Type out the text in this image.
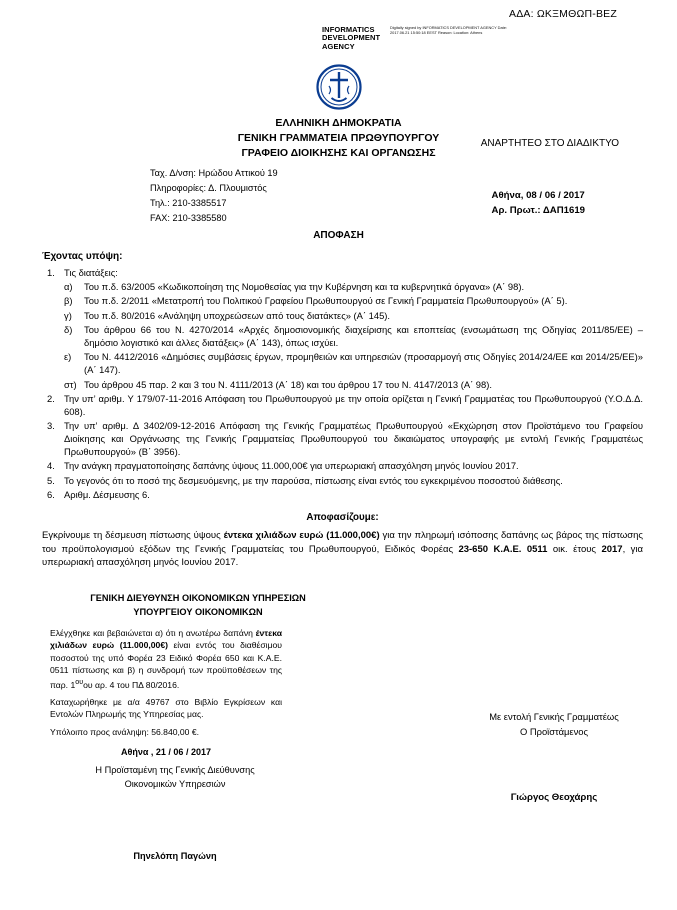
ΑΔΑ: ΩΚΞΜΘΩΠ-ΒΕΖ
INFORMATICS DEVELOPMENT AGENCY
Digitally signed by INFORMATICS DEVELOPMENT AGENCY Date: 2017.06.21 15:50:18 EEST Reason: Location: Athens
ΕΛΛΗΝΙΚΗ ΔΗΜΟΚΡΑΤΙΑ
ΓΕΝΙΚΗ ΓΡΑΜΜΑΤΕΙΑ ΠΡΩΘΥΠΟΥΡΓΟΥ
ΓΡΑΦΕΙΟ ΔΙΟΙΚΗΣΗΣ ΚΑΙ ΟΡΓΑΝΩΣΗΣ
ΑΝΑΡΤΗΤΕΟ ΣΤΟ ΔΙΑΔΙΚΤΥΟ
Ταχ. Δ/νση: Ηρώδου Αττικού 19
Πληροφορίες: Δ. Πλουμιστός
Τηλ.: 210-3385517
FAX: 210-3385580
Αθήνα, 08 / 06 / 2017
Αρ. Πρωτ.: ΔΑΠ1619
ΑΠΟΦΑΣΗ
Έχοντας υπόψη:
Τις διατάξεις:
α)	Του π.δ. 63/2005 «Κωδικοποίηση της Νομοθεσίας για την Κυβέρνηση και τα κυβερνητικά όργανα» (Α΄ 98).
β)	Του π.δ. 2/2011 «Μετατροπή του Πολιτικού Γραφείου Πρωθυπουργού σε Γενική Γραμματεία Πρωθυπουργού» (Α΄ 5).
γ)	Του π.δ. 80/2016 «Ανάληψη υποχρεώσεων από τους διατάκτες» (Α΄ 145).
δ)	Του άρθρου 66 του Ν. 4270/2014 «Αρχές δημοσιονομικής διαχείρισης και εποπτείας (ενσωμάτωση της Οδηγίας 2011/85/ΕΕ) – δημόσιο λογιστικό και άλλες διατάξεις» (Α΄ 143), όπως ισχύει.
ε)	Του Ν. 4412/2016 «Δημόσιες συμβάσεις έργων, προμηθειών και υπηρεσιών (προσαρμογή στις Οδηγίες 2014/24/ΕΕ και 2014/25/ΕΕ)» (Α΄ 147).
στ) Του άρθρου 45 παρ. 2 και 3 του Ν. 4111/2013 (Α΄ 18) και του άρθρου 17 του Ν. 4147/2013 (Α΄ 98).
Την υπ’ αριθμ. Υ 179/07-11-2016 Απόφαση του Πρωθυπουργού με την οποία ορίζεται η Γενική Γραμματέας του Πρωθυπουργού (Υ.Ο.Δ.Δ. 608).
Την υπ’ αριθμ. Δ 3402/09-12-2016 Απόφαση της Γενικής Γραμματέως Πρωθυπουργού «Εκχώρηση στον Προϊστάμενο του Γραφείου Διοίκησης και Οργάνωσης της Γενικής Γραμματείας Πρωθυπουργού του δικαιώματος υπογραφής με εντολή Γενικής Γραμματέως Πρωθυπουργού» (Β΄ 3956).
Την ανάγκη πραγματοποίησης δαπάνης ύψους 11.000,00€ για υπερωριακή απασχόληση μηνός Ιουνίου 2017.
Το γεγονός ότι το ποσό της δεσμευόμενης, με την παρούσα, πίστωσης είναι εντός του εγκεκριμένου ποσοστού διάθεσης.
Αριθμ. Δέσμευσης 6.
Αποφασίζουμε:
Εγκρίνουμε τη δέσμευση πίστωσης ύψους έντεκα χιλιάδων ευρώ (11.000,00€) για την πληρωμή ισόποσης δαπάνης ως βάρος της πίστωσης του προϋπολογισμού εξόδων της Γενικής Γραμματείας του Πρωθυπουργού, Ειδικός Φορέας 23-650 Κ.Α.Ε. 0511 οικ. έτους 2017, για υπερωριακή απασχόληση μηνός Ιουνίου 2017.
ΓΕΝΙΚΗ ΔΙΕΥΘΥΝΣΗ ΟΙΚΟΝΟΜΙΚΩΝ ΥΠΗΡΕΣΙΩΝ
ΥΠΟΥΡΓΕΙΟΥ ΟΙΚΟΝΟΜΙΚΩΝ

Ελέγχθηκε και βεβαιώνεται α) ότι η ανωτέρω δαπάνη έντεκα χιλιάδων ευρώ (11.000,00€) είναι εντός του διαθέσιμου ποσοστού της υπό Φορέα 23 Ειδικό Φορέα 650 και Κ.Α.Ε. 0511 πίστωσης και β) η συνδρομή των προϋποθέσεων της παρ. $1^{o\upsilon}o\upsilon$ αρ. 4 του ΠΔ 80/2016.

Καταχωρήθηκε με α/α 49767 στο Βιβλίο Εγκρίσεων και Εντολών Πληρωμής της Υπηρεσίας μας.

Υπόλοιπο προς ανάληψη: 56.840,00 €.
Αθήνα , 21 / 06 / 2017
Η Προϊσταμένη της Γενικής Διεύθυνσης
Οικονομικών Υπηρεσιών
Πηνελόπη Παγώνη
Με εντολή Γενικής Γραμματέως
Ο Προϊστάμενος
Γιώργος Θεοχάρης
